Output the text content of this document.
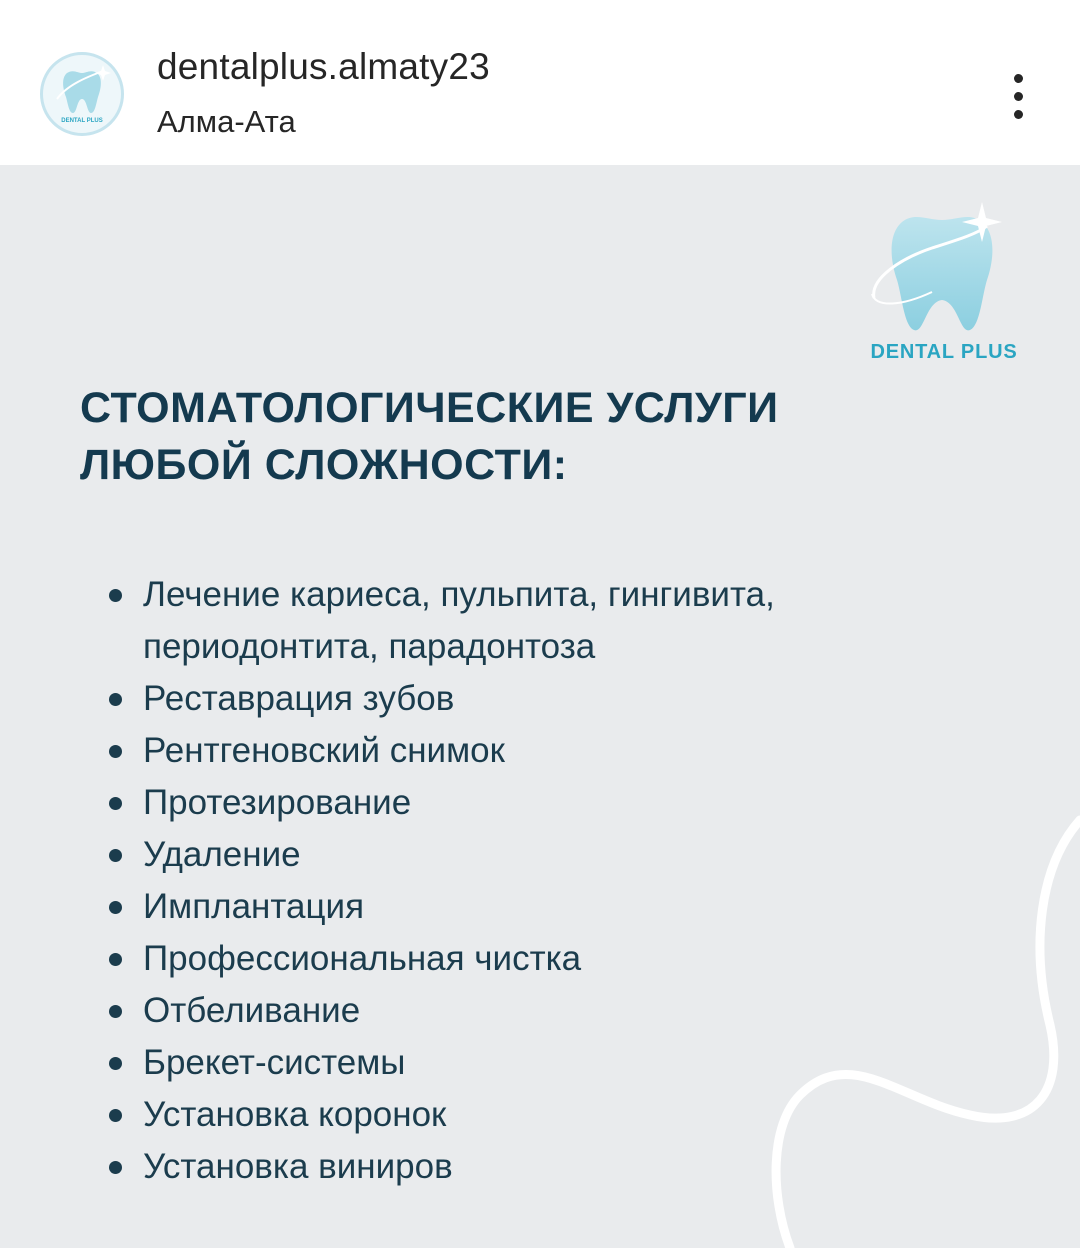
DENTAL PLUS
dentalplus.almaty23
Алма-Ата
DENTAL PLUS
СТОМАТОЛОГИЧЕСКИЕ УСЛУГИ
ЛЮБОЙ СЛОЖНОСТИ:
Лечение кариеса, пульпита, гингивита,
периодонтита, парадонтоза
Реставрация зубов
Рентгеновский снимок
Протезирование
Удаление
Имплантация
Профессиональная чистка
Отбеливание
Брекет-системы
Установка коронок
Установка виниров
